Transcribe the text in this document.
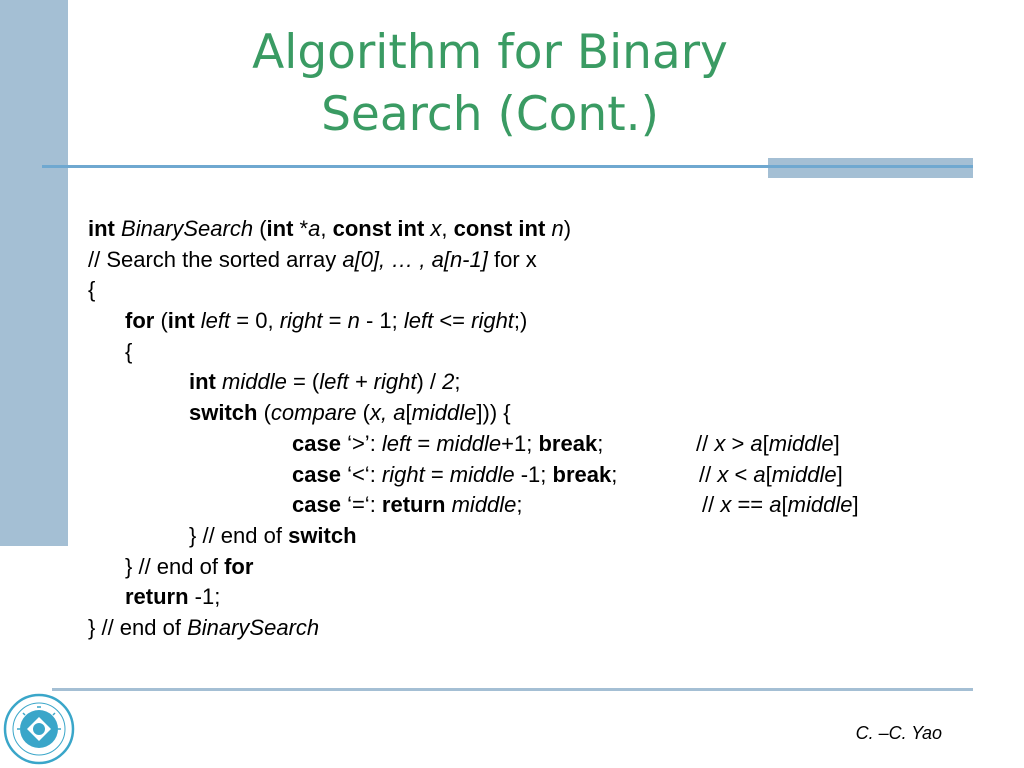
Algorithm for Binary
Search (Cont.)
int BinarySearch (int *a, const int x, const int n)
// Search the sorted array a[0], … , a[n-1] for x
{
for (int left = 0, right = n - 1; left <= right;)
{
int middle = (left + right) / 2;
switch (compare (x, a[middle])) {
case ‘>’: left = middle+1; break;	// x > a[middle]
case ‘<‘: right = middle -1; break;	// x < a[middle]
case ‘=‘: return middle;	// x == a[middle]
} // end of switch
} // end of for
return -1;
} // end of BinarySearch
C. –C. Yao
